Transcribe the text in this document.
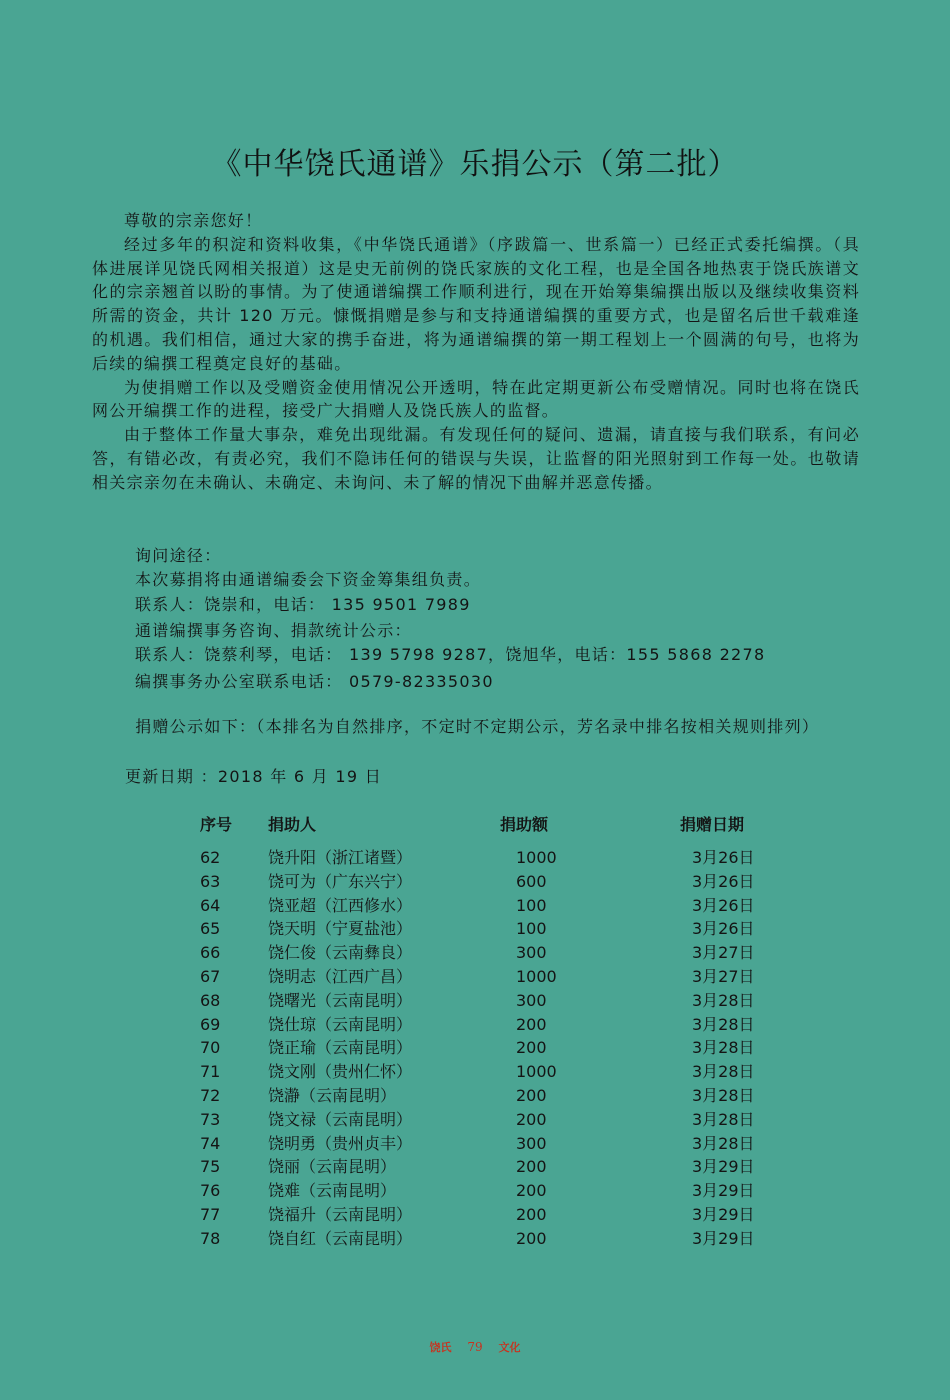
《中华饶氏通谱》乐捐公示（第二批）

尊敬的宗亲您好！

经过多年的积淀和资料收集，《中华饶氏通谱》（序跋篇一、世系篇一）已经正式委托编撰。（具体进展详见饶氏网相关报道）这是史无前例的饶氏家族的文化工程，也是全国各地热衷于饶氏族谱文化的宗亲翘首以盼的事情。为了使通谱编撰工作顺利进行，现在开始筹集编撰出版以及继续收集资料所需的资金，共计 120 万元。慷慨捐赠是参与和支持通谱编撰的重要方式，也是留名后世千载难逢的机遇。我们相信，通过大家的携手奋进，将为通谱编撰的第一期工程划上一个圆满的句号，也将为后续的编撰工程奠定良好的基础。

为使捐赠工作以及受赠资金使用情况公开透明，特在此定期更新公布受赠情况。同时也将在饶氏网公开编撰工作的进程，接受广大捐赠人及饶氏族人的监督。

由于整体工作量大事杂，难免出现纰漏。有发现任何的疑问、遗漏，请直接与我们联系，有问必答，有错必改，有责必究，我们不隐讳任何的错误与失误，让监督的阳光照射到工作每一处。也敬请相关宗亲勿在未确认、未确定、未询问、未了解的情况下曲解并恶意传播。

询问途径：
本次募捐将由通谱编委会下资金筹集组负责。
联系人：饶崇和，电话： 135 9501 7989
通谱编撰事务咨询、捐款统计公示：
联系人：饶蔡利琴，电话： 139 5798 9287，饶旭华，电话：155 5868 2278
编撰事务办公室联系电话： 0579-82335030

捐赠公示如下：（本排名为自然排序，不定时不定期公示，芳名录中排名按相关规则排列）

更新日期 ：2018 年 6 月 19 日
序号 捐助人	捐助额	捐赠日期
62	饶升阳（浙江诸暨）	1000	3月26日
63	饶可为（广东兴宁）	600	3月26日
64	饶亚超（江西修水）	100	3月26日
65	饶天明（宁夏盐池）	100	3月26日
66	饶仁俊（云南彝良）	300	3月27日
67	饶明志（江西广昌）	1000	3月27日
68	饶曙光（云南昆明）	300	3月28日
69	饶仕琼（云南昆明）	200	3月28日
70	饶正瑜（云南昆明）	200	3月28日
71	饶文刚（贵州仁怀）	1000	3月28日
72	饶瀞（云南昆明）	200	3月28日
73	饶文禄（云南昆明）	200	3月28日
74	饶明勇（贵州贞丰）	300	3月28日
75	饶丽（云南昆明）	200	3月29日
76	饶难（云南昆明）	200	3月29日
77	饶福升（云南昆明）	200	3月29日
78	饶自红（云南昆明）	200	3月29日
饶氏 79 文化
